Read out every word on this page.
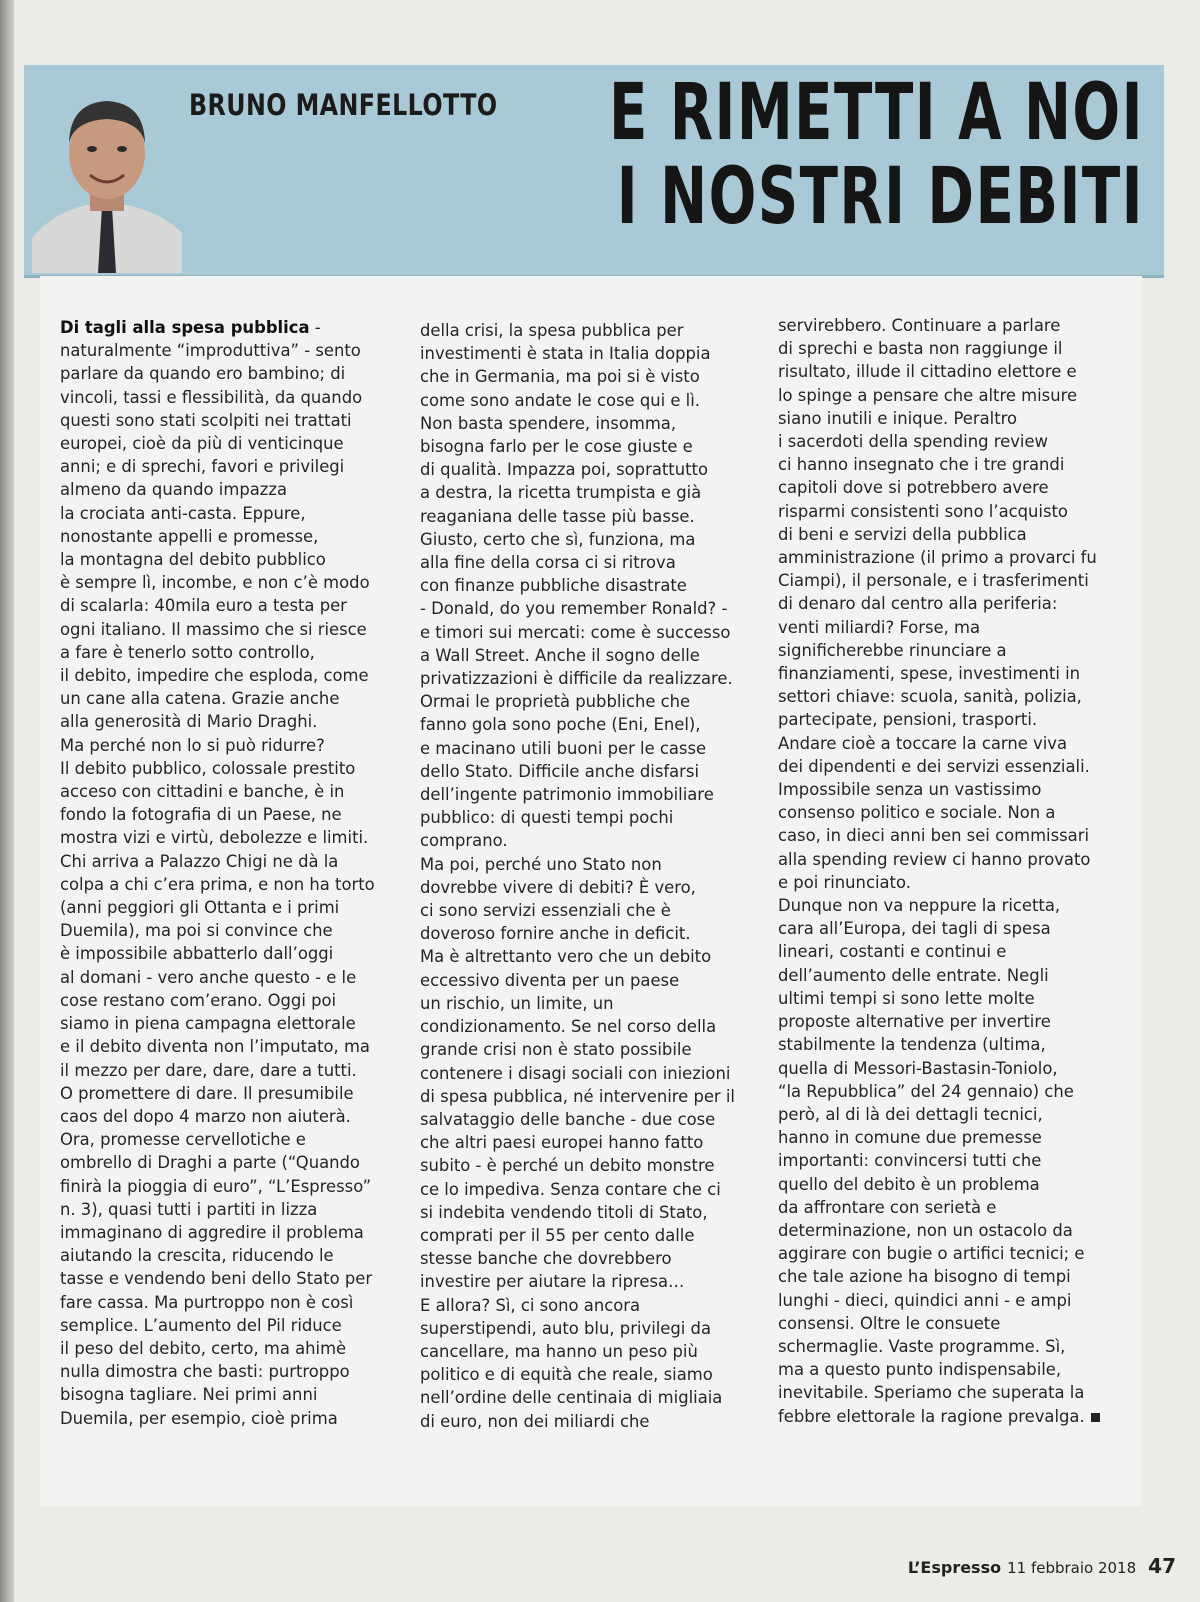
BRUNO MANFELLOTTO E RIMETTI A NOI
I NOSTRI DEBITI

Di tagli alla spesa pubblica -

naturalmente “improduttiva” - sento

parlare da quando ero bambino; di

vincoli, tassi e flessibilità, da quando

questi sono stati scolpiti nei trattati

europei, cioè da più di venticinque

anni; e di sprechi, favori e privilegi

almeno da quando impazza

la crociata anti-casta. Eppure,

nonostante appelli e promesse,

la montagna del debito pubblico

è sempre lì, incombe, e non c’è modo

di scalarla: 40mila euro a testa per

ogni italiano. Il massimo che si riesce

a fare è tenerlo sotto controllo,

il debito, impedire che esploda, come

un cane alla catena. Grazie anche

alla generosità di Mario Draghi.

Ma perché non lo si può ridurre?

Il debito pubblico, colossale prestito

acceso con cittadini e banche, è in

fondo la fotografia di un Paese, ne

mostra vizi e virtù, debolezze e limiti.

Chi arriva a Palazzo Chigi ne dà la

colpa a chi c’era prima, e non ha torto

(anni peggiori gli Ottanta e i primi

Duemila), ma poi si convince che

è impossibile abbatterlo dall’oggi

al domani - vero anche questo - e le

cose restano com’erano. Oggi poi

siamo in piena campagna elettorale

e il debito diventa non l’imputato, ma

il mezzo per dare, dare, dare a tutti.

O promettere di dare. Il presumibile

caos del dopo 4 marzo non aiuterà.

Ora, promesse cervellotiche e

ombrello di Draghi a parte (“Quando

finirà la pioggia di euro”, “L’Espresso”

n. 3), quasi tutti i partiti in lizza

immaginano di aggredire il problema

aiutando la crescita, riducendo le

tasse e vendendo beni dello Stato per

fare cassa. Ma purtroppo non è così

semplice. L’aumento del Pil riduce

il peso del debito, certo, ma ahimè

nulla dimostra che basti: purtroppo

bisogna tagliare. Nei primi anni

Duemila, per esempio, cioè prima

della crisi, la spesa pubblica per

investimenti è stata in Italia doppia

che in Germania, ma poi si è visto

come sono andate le cose qui e lì.

Non basta spendere, insomma,

bisogna farlo per le cose giuste e

di qualità. Impazza poi, soprattutto

a destra, la ricetta trumpista e già

reaganiana delle tasse più basse.

Giusto, certo che sì, funziona, ma

alla fine della corsa ci si ritrova

con finanze pubbliche disastrate

- Donald, do you remember Ronald? -

e timori sui mercati: come è successo

a Wall Street. Anche il sogno delle

privatizzazioni è difficile da realizzare.

Ormai le proprietà pubbliche che

fanno gola sono poche (Eni, Enel),

e macinano utili buoni per le casse

dello Stato. Difficile anche disfarsi

dell’ingente patrimonio immobiliare

pubblico: di questi tempi pochi

comprano.

Ma poi, perché uno Stato non

dovrebbe vivere di debiti? È vero,

ci sono servizi essenziali che è

doveroso fornire anche in deficit.

Ma è altrettanto vero che un debito

eccessivo diventa per un paese

un rischio, un limite, un

condizionamento. Se nel corso della

grande crisi non è stato possibile

contenere i disagi sociali con iniezioni

di spesa pubblica, né intervenire per il

salvataggio delle banche - due cose

che altri paesi europei hanno fatto

subito - è perché un debito monstre

ce lo impediva. Senza contare che ci

si indebita vendendo titoli di Stato,

comprati per il 55 per cento dalle

stesse banche che dovrebbero

investire per aiutare la ripresa…

E allora? Sì, ci sono ancora

superstipendi, auto blu, privilegi da

cancellare, ma hanno un peso più

politico e di equità che reale, siamo

nell’ordine delle centinaia di migliaia

di euro, non dei miliardi che

servirebbero. Continuare a parlare

di sprechi e basta non raggiunge il

risultato, illude il cittadino elettore e

lo spinge a pensare che altre misure

siano inutili e inique. Peraltro

i sacerdoti della spending review

ci hanno insegnato che i tre grandi

capitoli dove si potrebbero avere

risparmi consistenti sono l’acquisto

di beni e servizi della pubblica

amministrazione (il primo a provarci fu

Ciampi), il personale, e i trasferimenti

di denaro dal centro alla periferia:

venti miliardi? Forse, ma

significherebbe rinunciare a

finanziamenti, spese, investimenti in

settori chiave: scuola, sanità, polizia,

partecipate, pensioni, trasporti.

Andare cioè a toccare la carne viva

dei dipendenti e dei servizi essenziali.

Impossibile senza un vastissimo

consenso politico e sociale. Non a

caso, in dieci anni ben sei commissari

alla spending review ci hanno provato

e poi rinunciato.

Dunque non va neppure la ricetta,

cara all’Europa, dei tagli di spesa

lineari, costanti e continui e

dell’aumento delle entrate. Negli

ultimi tempi si sono lette molte

proposte alternative per invertire

stabilmente la tendenza (ultima,

quella di Messori-Bastasin-Toniolo,

“la Repubblica” del 24 gennaio) che

però, al di là dei dettagli tecnici,

hanno in comune due premesse

importanti: convincersi tutti che

quello del debito è un problema

da affrontare con serietà e

determinazione, non un ostacolo da

aggirare con bugie o artifici tecnici; e

che tale azione ha bisogno di tempi

lunghi - dieci, quindici anni - e ampi

consensi. Oltre le consuete

schermaglie. Vaste programme. Sì,

ma a questo punto indispensabile,

inevitabile. Speriamo che superata la

febbre elettorale la ragione prevalga.

L’Espresso 11 febbraio 2018 47
